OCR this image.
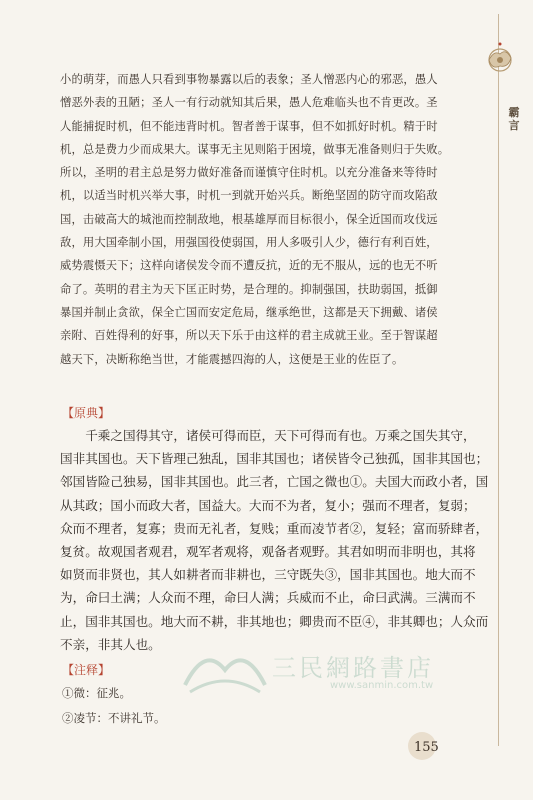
霸言
小的萌芽，而愚人只看到事物暴露以后的表象；圣人憎恶内心的邪恶，愚人
憎恶外表的丑陋；圣人一有行动就知其后果，愚人危难临头也不肯更改。圣
人能捕捉时机，但不能违背时机。智者善于谋事，但不如抓好时机。精于时
机，总是费力少而成果大。谋事无主见则陷于困境，做事无准备则归于失败。
所以，圣明的君主总是努力做好准备而谨慎守住时机。以充分准备来等待时
机，以适当时机兴举大事，时机一到就开始兴兵。断绝坚固的防守而攻陷敌
国，击破高大的城池而控制敌地，根基雄厚而目标很小，保全近国而攻伐远
敌，用大国牵制小国，用强国役使弱国，用人多吸引人少，德行有利百姓，
威势震慑天下；这样向诸侯发令而不遭反抗，近的无不服从，远的也无不听
命了。英明的君主为天下匡正时势，是合理的。抑制强国，扶助弱国，抵御
暴国并制止贪欲，保全亡国而安定危局，继承绝世，这都是天下拥戴、诸侯
亲附、百姓得利的好事，所以天下乐于由这样的君主成就王业。至于智谋超
越天下，决断称绝当世，才能震撼四海的人，这便是王业的佐臣了。
【原典】
　　千乘之国得其守，诸侯可得而臣，天下可得而有也。万乘之国失其守，
国非其国也。天下皆理己独乱，国非其国也；诸侯皆令己独孤，国非其国也；
邻国皆险己独易，国非其国也。此三者，亡国之微也①。夫国大而政小者，国
从其政；国小而政大者，国益大。大而不为者，复小；强而不理者，复弱；
众而不理者，复寡；贵而无礼者，复贱；重而凌节者②，复轻；富而骄肆者，
复贫。故观国者观君，观军者观将，观备者观野。其君如明而非明也，其将
如贤而非贤也，其人如耕者而非耕也，三守既失③，国非其国也。地大而不
为，命曰土满；人众而不理，命曰人满；兵威而不止，命曰武满。三满而不
止，国非其国也。地大而不耕，非其地也；卿贵而不臣④，非其卿也；人众而
不亲，非其人也。
三民網路書店
www.sanmin.com.tw
【注释】
①微：征兆。
②凌节：不讲礼节。
155
